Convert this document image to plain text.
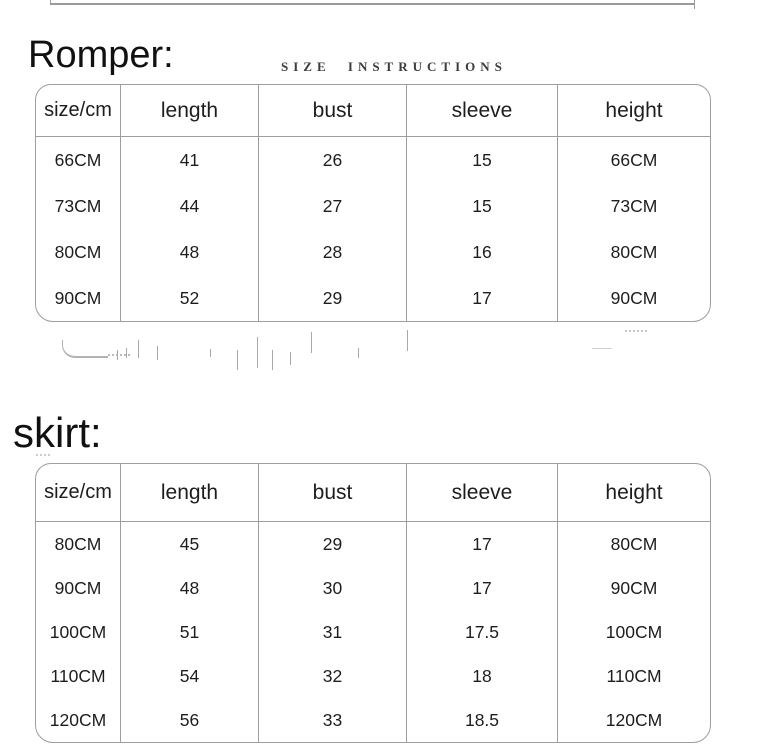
Romper:	SIZE INSTRUCTIONS
size/cm	length	bust	sleeve	height
66CM	41	26	15	66CM
73CM	44	27	15	73CM
80CM	48	28	16	80CM
90CM	52	29	17	90CM
skirt:
size/cm	length	bust	sleeve	height
80CM	45	29	17	80CM
90CM	48	30	17	90CM
100CM	51	31	17.5	100CM
110CM	54	32	18	110CM
120CM	56	33	18.5	120CM
